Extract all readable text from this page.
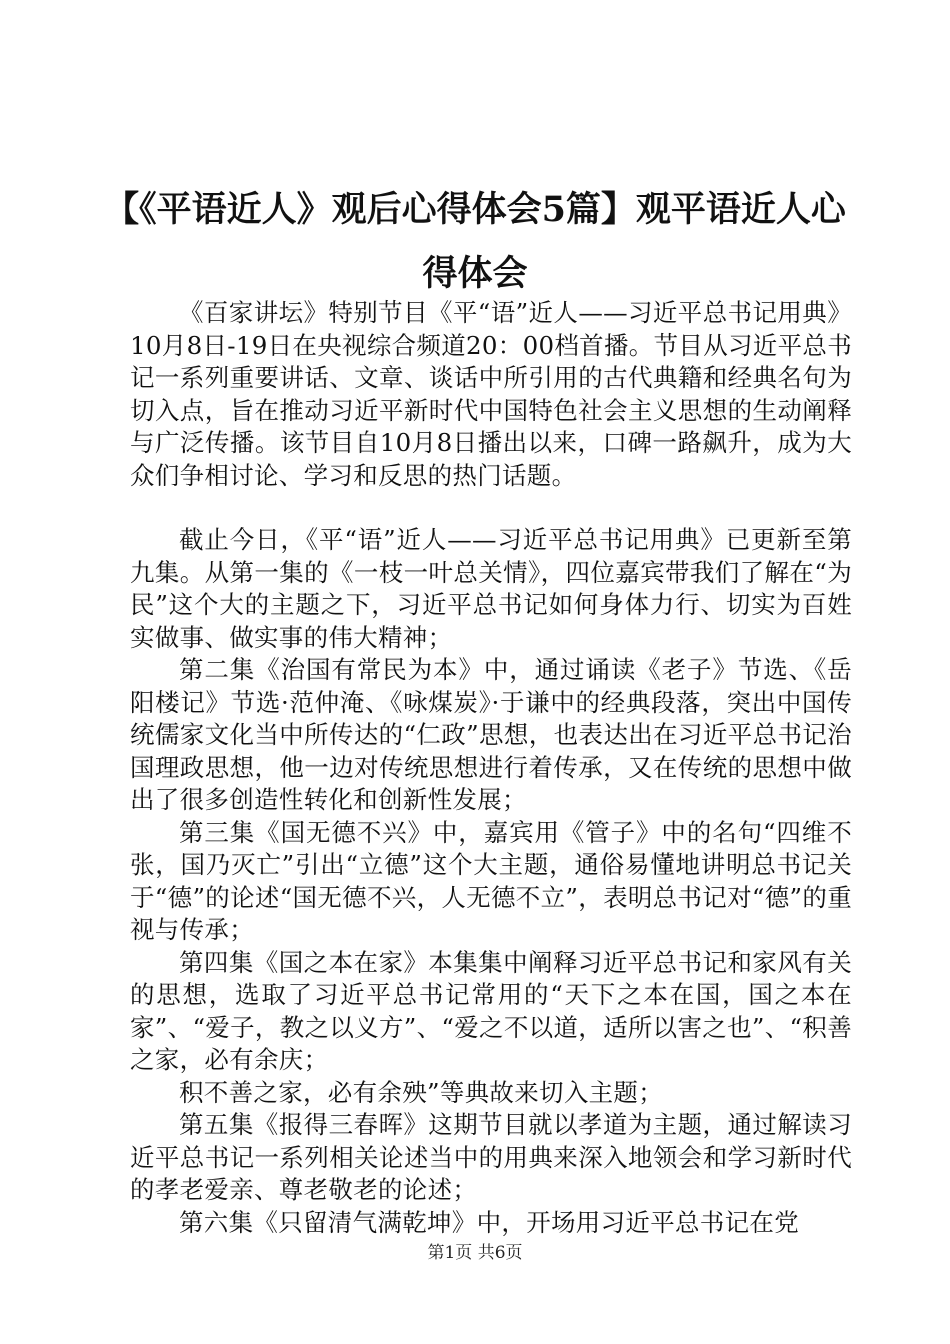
【《平语近人》观后心得体会5篇】观平语近人心得体会

《百家讲坛》特别节目《平“语”近人——习近平总书记用典》10月8日-19日在央视综合频道20：00档首播。节目从习近平总书记一系列重要讲话、文章、谈话中所引用的古代典籍和经典名句为切入点，旨在推动习近平新时代中国特色社会主义思想的生动阐释与广泛传播。该节目自10月8日播出以来，口碑一路飙升，成为大众们争相讨论、学习和反思的热门话题。

截止今日，《平“语”近人——习近平总书记用典》已更新至第九集。从第一集的《一枝一叶总关情》，四位嘉宾带我们了解在“为民”这个大的主题之下，习近平总书记如何身体力行、切实为百姓实做事、做实事的伟大精神；

第二集《治国有常民为本》中，通过诵读《老子》节选、《岳阳楼记》节选·范仲淹、《咏煤炭》·于谦中的经典段落，突出中国传统儒家文化当中所传达的“仁政”思想，也表达出在习近平总书记治国理政思想，他一边对传统思想进行着传承，又在传统的思想中做出了很多创造性转化和创新性发展；

第三集《国无德不兴》中，嘉宾用《管子》中的名句“四维不张，国乃灭亡”引出“立德”这个大主题，通俗易懂地讲明总书记关于“德”的论述“国无德不兴，人无德不立”，表明总书记对“德”的重视与传承；

第四集《国之本在家》本集集中阐释习近平总书记和家风有关的思想，选取了习近平总书记常用的“天下之本在国，国之本在家”、“爱子，教之以义方”、“爱之不以道，适所以害之也”、“积善之家，必有余庆；

积不善之家，必有余殃”等典故来切入主题；

第五集《报得三春晖》这期节目就以孝道为主题，通过解读习近平总书记一系列相关论述当中的用典来深入地领会和学习新时代的孝老爱亲、尊老敬老的论述；

第六集《只留清气满乾坤》中，开场用习近平总书记在党

第1页 共6页
